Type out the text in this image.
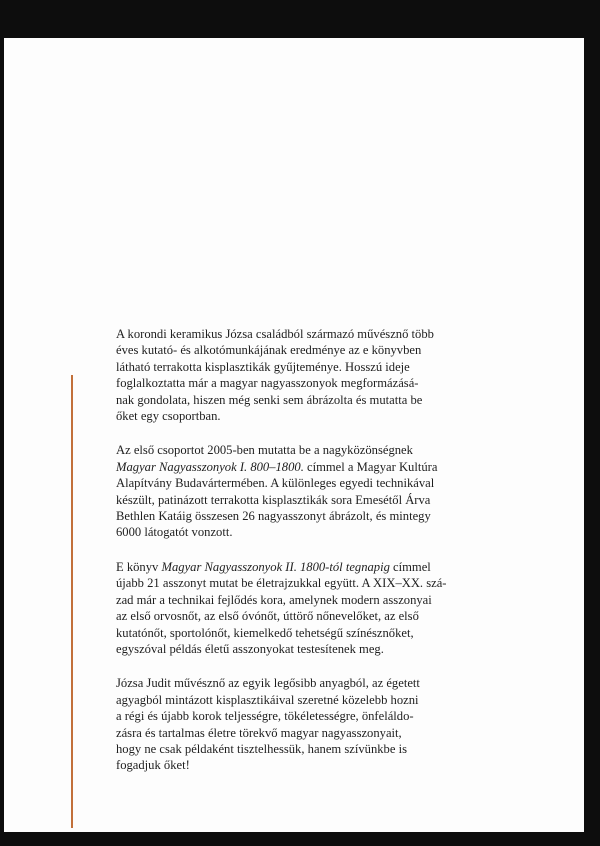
A korondi keramikus Józsa családból származó művésznő több
éves kutató- és alkotómunkájának eredménye az e könyvben
látható terrakotta kisplasztikák gyűjteménye. Hosszú ideje
foglalkoztatta már a magyar nagyasszonyok megformázásá-
nak gondolata, hiszen még senki sem ábrázolta és mutatta be
őket egy csoportban.

Az első csoportot 2005-ben mutatta be a nagyközönségnek
Magyar Nagyasszonyok I. 800–1800. címmel a Magyar Kultúra
Alapítvány Budavártermében. A különleges egyedi technikával
készült, patinázott terrakotta kisplasztikák sora Emesétől Árva
Bethlen Katáig összesen 26 nagyasszonyt ábrázolt, és mintegy
6000 látogatót vonzott.

E könyv Magyar Nagyasszonyok II. 1800-tól tegnapig címmel
újabb 21 asszonyt mutat be életrajzukkal együtt. A XIX–XX. szá-
zad már a technikai fejlődés kora, amelynek modern asszonyai
az első orvosnőt, az első óvónőt, úttörő nőnevelőket, az első
kutatónőt, sportolónőt, kiemelkedő tehetségű színésznőket,
egyszóval példás életű asszonyokat testesítenek meg.

Józsa Judit művésznő az egyik legősibb anyagból, az égetett
agyagból mintázott kisplasztikáival szeretné közelebb hozni
a régi és újabb korok teljességre, tökéletességre, önfeláldo-
zásra és tartalmas életre törekvő magyar nagyasszonyait,
hogy ne csak példaként tisztelhessük, hanem szívünkbe is
fogadjuk őket!
